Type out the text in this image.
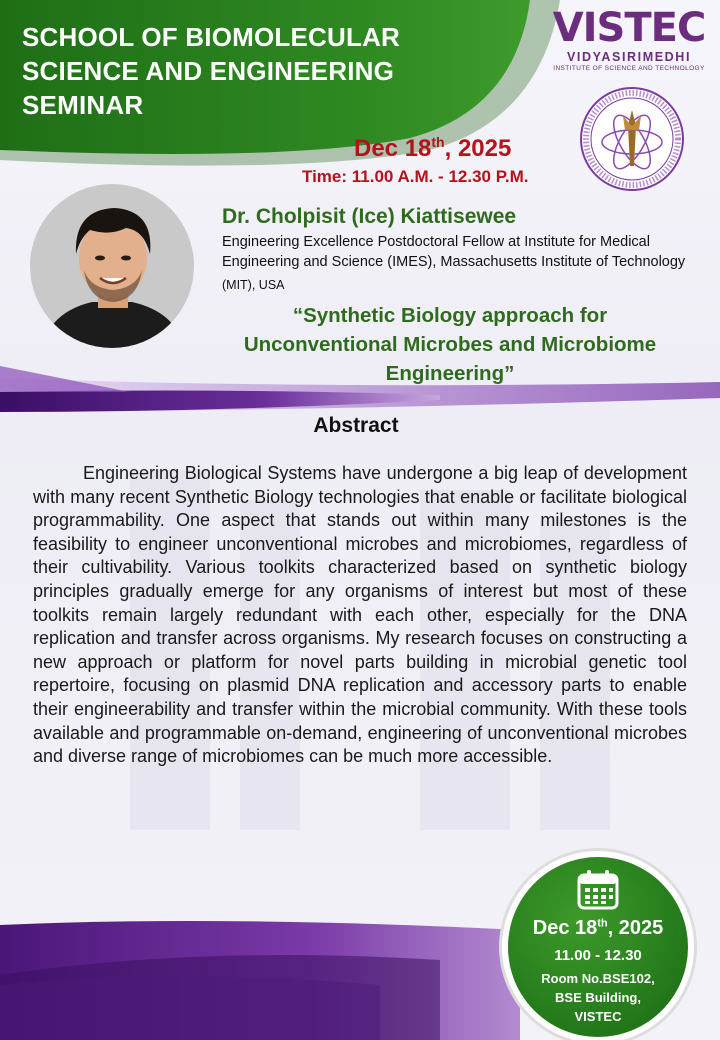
SCHOOL OF BIOMOLECULAR
SCIENCE AND ENGINEERING
SEMINAR
VISTEC
VIDYASIRIMEDHI
INSTITUTE OF SCIENCE AND TECHNOLOGY
Dec 18th, 2025
Time: 11.00 A.M. - 12.30 P.M.
Dr. Cholpisit (Ice) Kiattisewee
Engineering Excellence Postdoctoral Fellow at Institute for Medical Engineering and Science (IMES), Massachusetts Institute of Technology
(MIT), USA
“Synthetic Biology approach for
Unconventional Microbes and Microbiome
Engineering”
Abstract
Engineering Biological Systems have undergone a big leap of development with many recent Synthetic Biology technologies that enable or facilitate biological programmability. One aspect that stands out within many milestones is the feasibility to engineer unconventional microbes and microbiomes, regardless of their cultivability. Various toolkits characterized based on synthetic biology principles gradually emerge for any organisms of interest but most of these toolkits remain largely redundant with each other, especially for the DNA replication and transfer across organisms. My research focuses on constructing a new approach or platform for novel parts building in microbial genetic tool repertoire, focusing on plasmid DNA replication and accessory parts to enable their engineerability and transfer within the microbial community. With these tools available and programmable on-demand, engineering of unconventional microbes and diverse range of microbiomes can be much more accessible.
Dec 18th, 2025
11.00 - 12.30
Room No.BSE102,
BSE Building,
VISTEC
